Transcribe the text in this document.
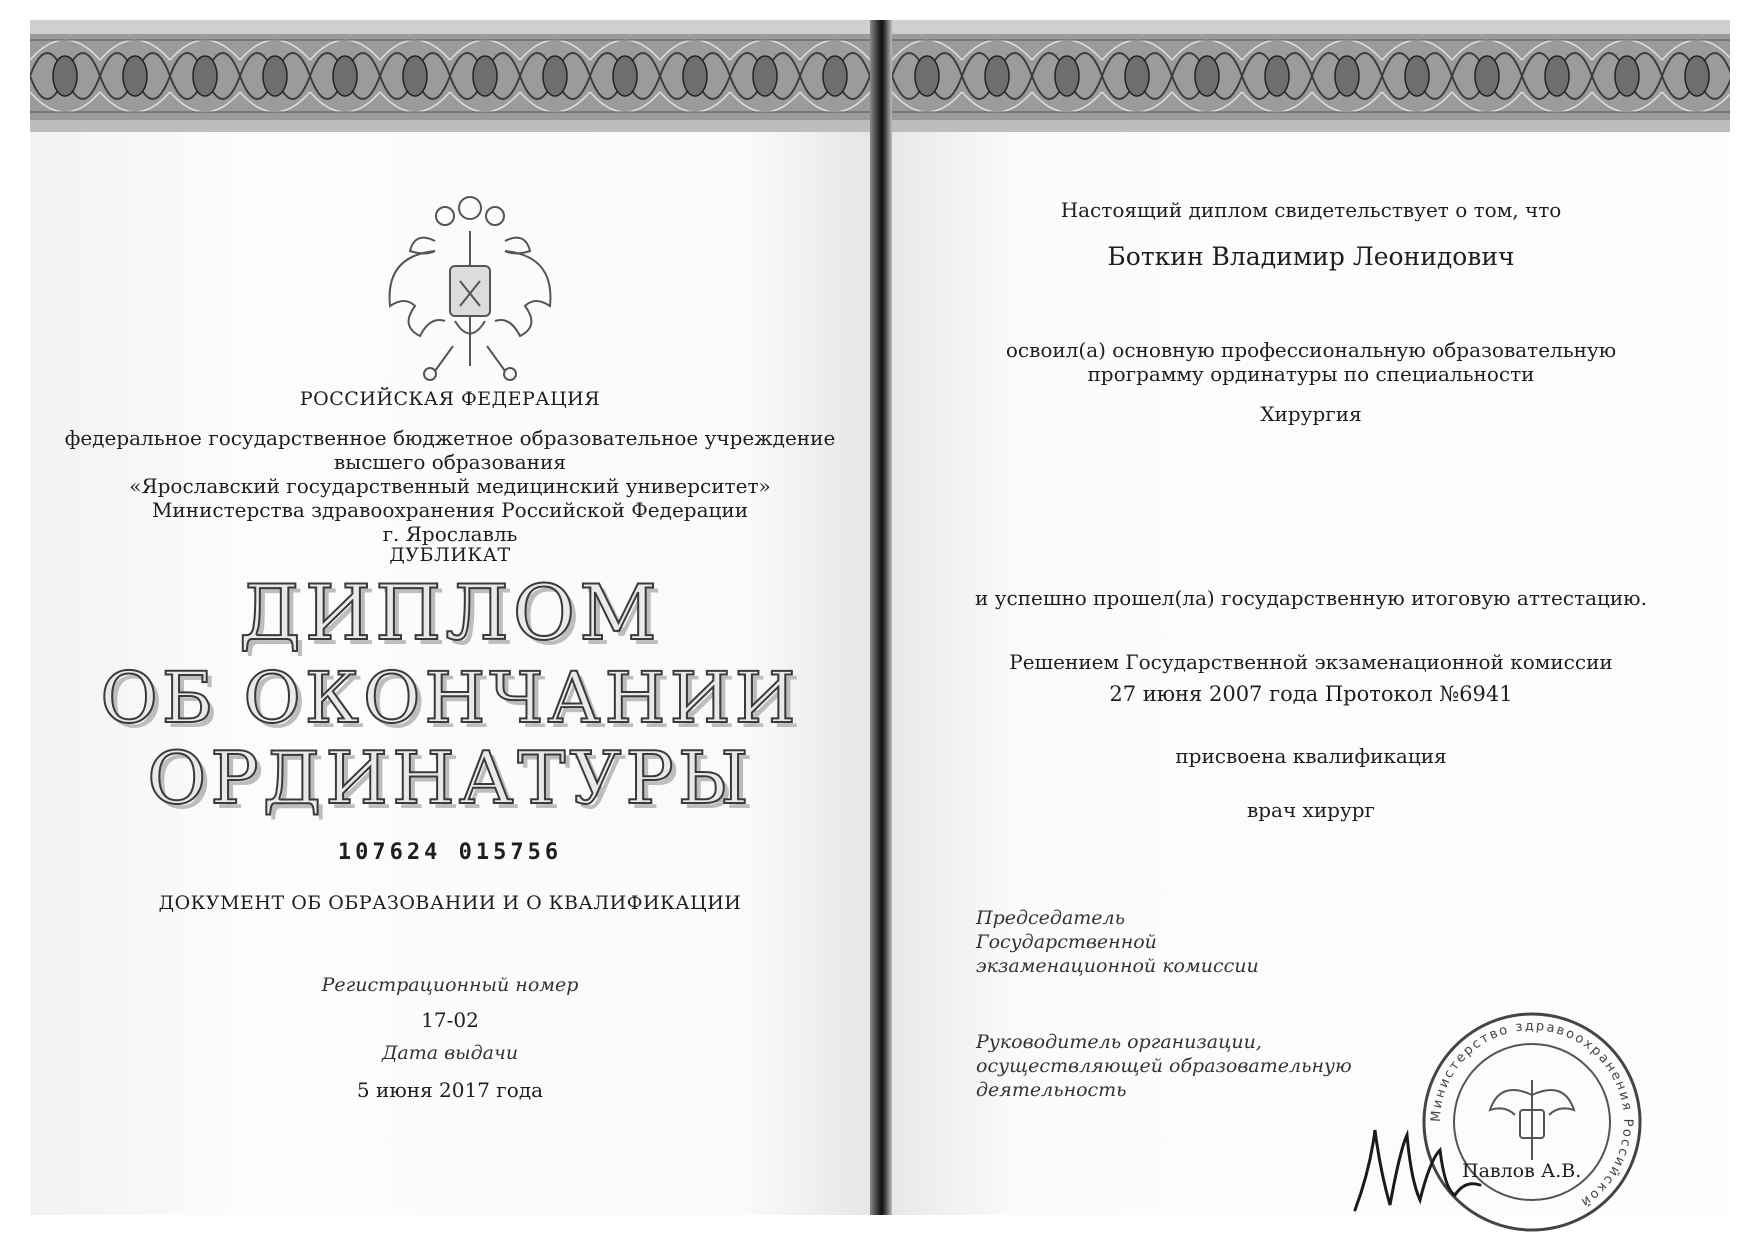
РОССИЙСКАЯ ФЕДЕРАЦИЯ
федеральное государственное бюджетное образовательное учреждение
высшего образования
«Ярославский государственный медицинский университет»
Министерства здравоохранения Российской Федерации
г. Ярославль
ДУБЛИКАТ
ДИПЛОМ
ОБ ОКОНЧАНИИ
ОРДИНАТУРЫ
107624 015756
ДОКУМЕНТ ОБ ОБРАЗОВАНИИ И О КВАЛИФИКАЦИИ
Регистрационный номер
17-02
Дата выдачи
5 июня 2017 года
Настоящий диплом свидетельствует о том, что
Боткин Владимир Леонидович
освоил(а) основную профессиональную образовательную
программу ординатуры по специальности
Хирургия
и успешно прошел(ла) государственную итоговую аттестацию.
Решением Государственной экзаменационной комиссии
27 июня 2007 года Протокол №6941
присвоена квалификация
врач хирург
Председатель
Государственной
экзаменационной комиссии
Руководитель организации,
осуществляющей образовательную
деятельность
Министерство здравоохранения Российской
Павлов А.В.
